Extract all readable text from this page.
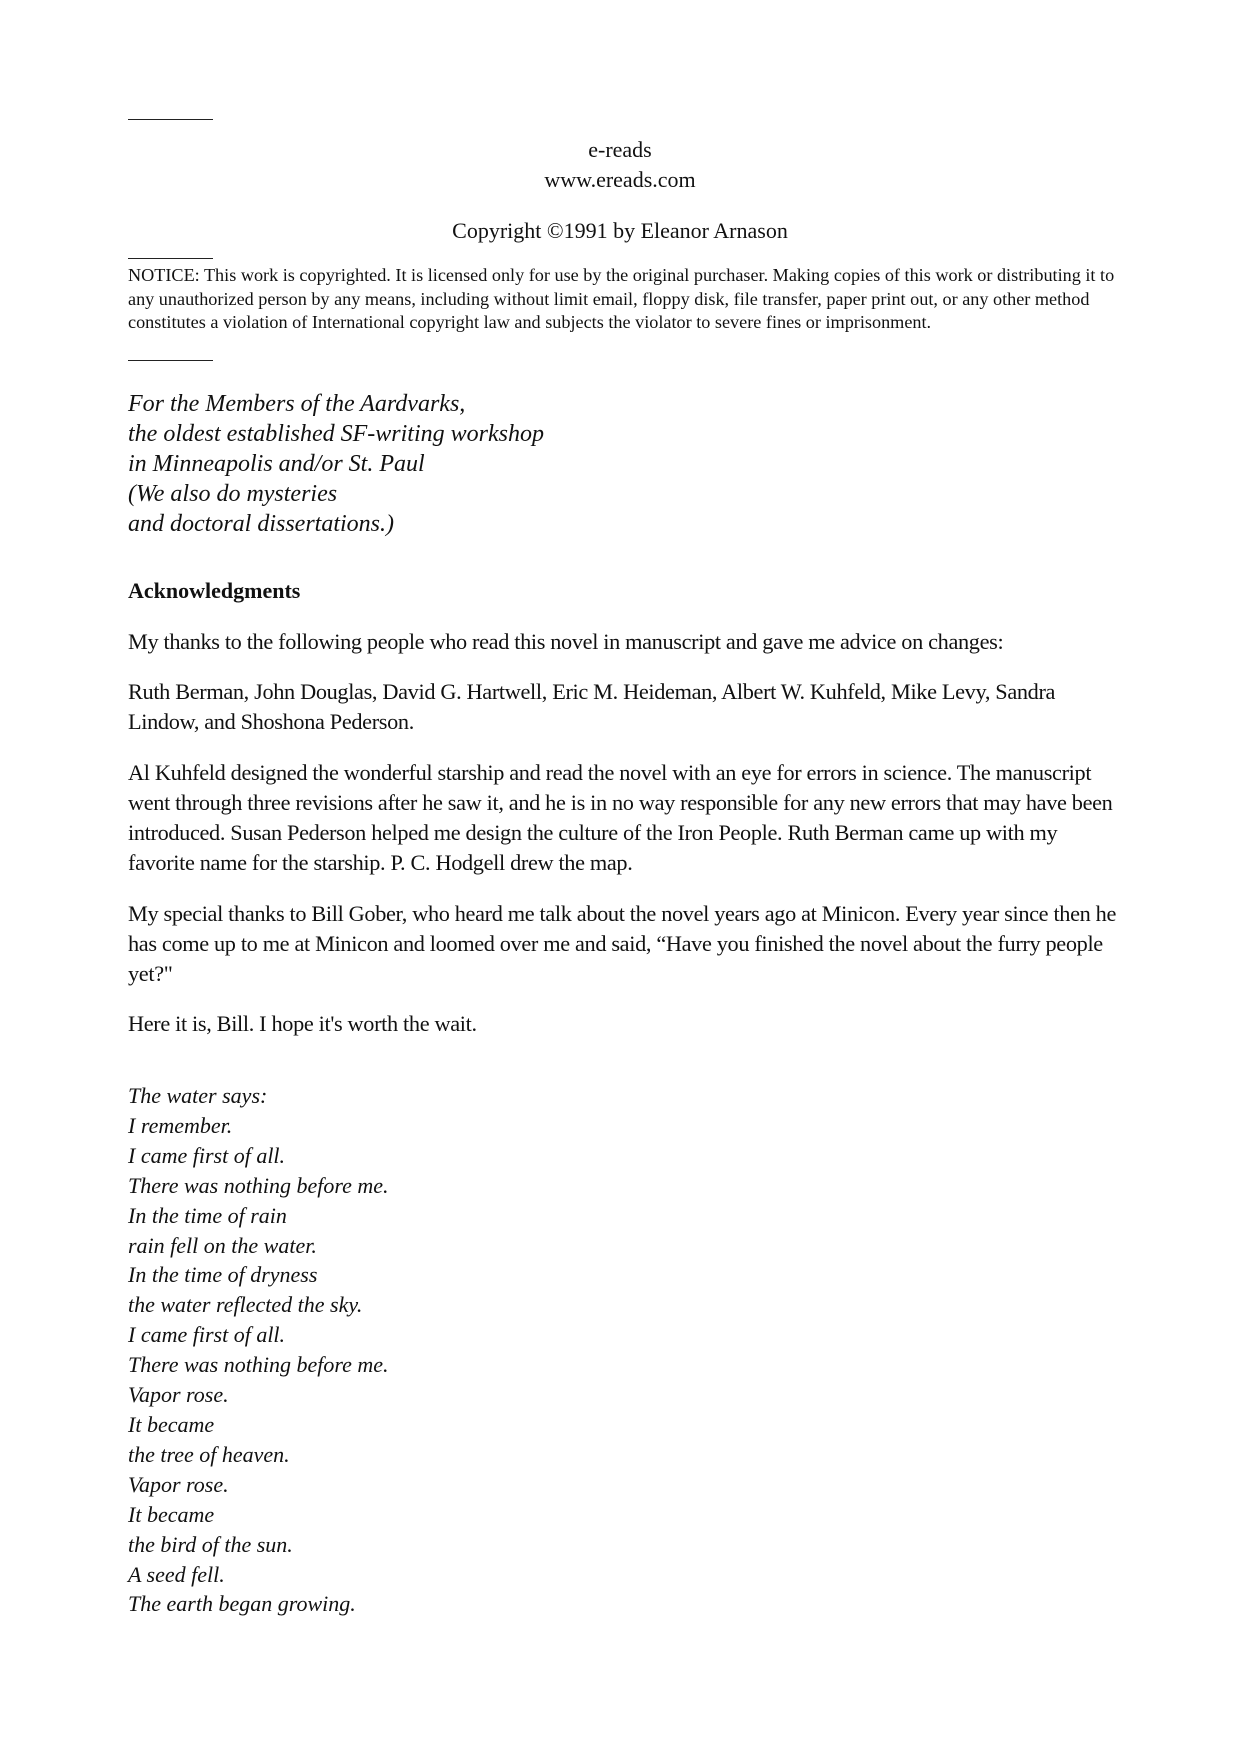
e-reads
www.ereads.com
Copyright ©1991 by Eleanor Arnason
NOTICE: This work is copyrighted. It is licensed only for use by the original purchaser. Making copies of this work or distributing it to any unauthorized person by any means, including without limit email, floppy disk, file transfer, paper print out, or any other method constitutes a violation of International copyright law and subjects the violator to severe fines or imprisonment.
For the Members of the Aardvarks,
the oldest established SF-writing workshop
in Minneapolis and/or St. Paul
(We also do mysteries
and doctoral dissertations.)
Acknowledgments
My thanks to the following people who read this novel in manuscript and gave me advice on changes:
Ruth Berman, John Douglas, David G. Hartwell, Eric M. Heideman, Albert W. Kuhfeld, Mike Levy, Sandra Lindow, and Shoshona Pederson.
Al Kuhfeld designed the wonderful starship and read the novel with an eye for errors in science. The manuscript went through three revisions after he saw it, and he is in no way responsible for any new errors that may have been introduced. Susan Pederson helped me design the culture of the Iron People. Ruth Berman came up with my favorite name for the starship. P. C. Hodgell drew the map.
My special thanks to Bill Gober, who heard me talk about the novel years ago at Minicon. Every year since then he has come up to me at Minicon and loomed over me and said, “Have you finished the novel about the furry people yet?"
Here it is, Bill. I hope it's worth the wait.
The water says:
I remember.
I came first of all.
There was nothing before me.
In the time of rain
rain fell on the water.
In the time of dryness
the water reflected the sky.
I came first of all.
There was nothing before me.
Vapor rose.
It became
the tree of heaven.
Vapor rose.
It became
the bird of the sun.
A seed fell.
The earth began growing.
